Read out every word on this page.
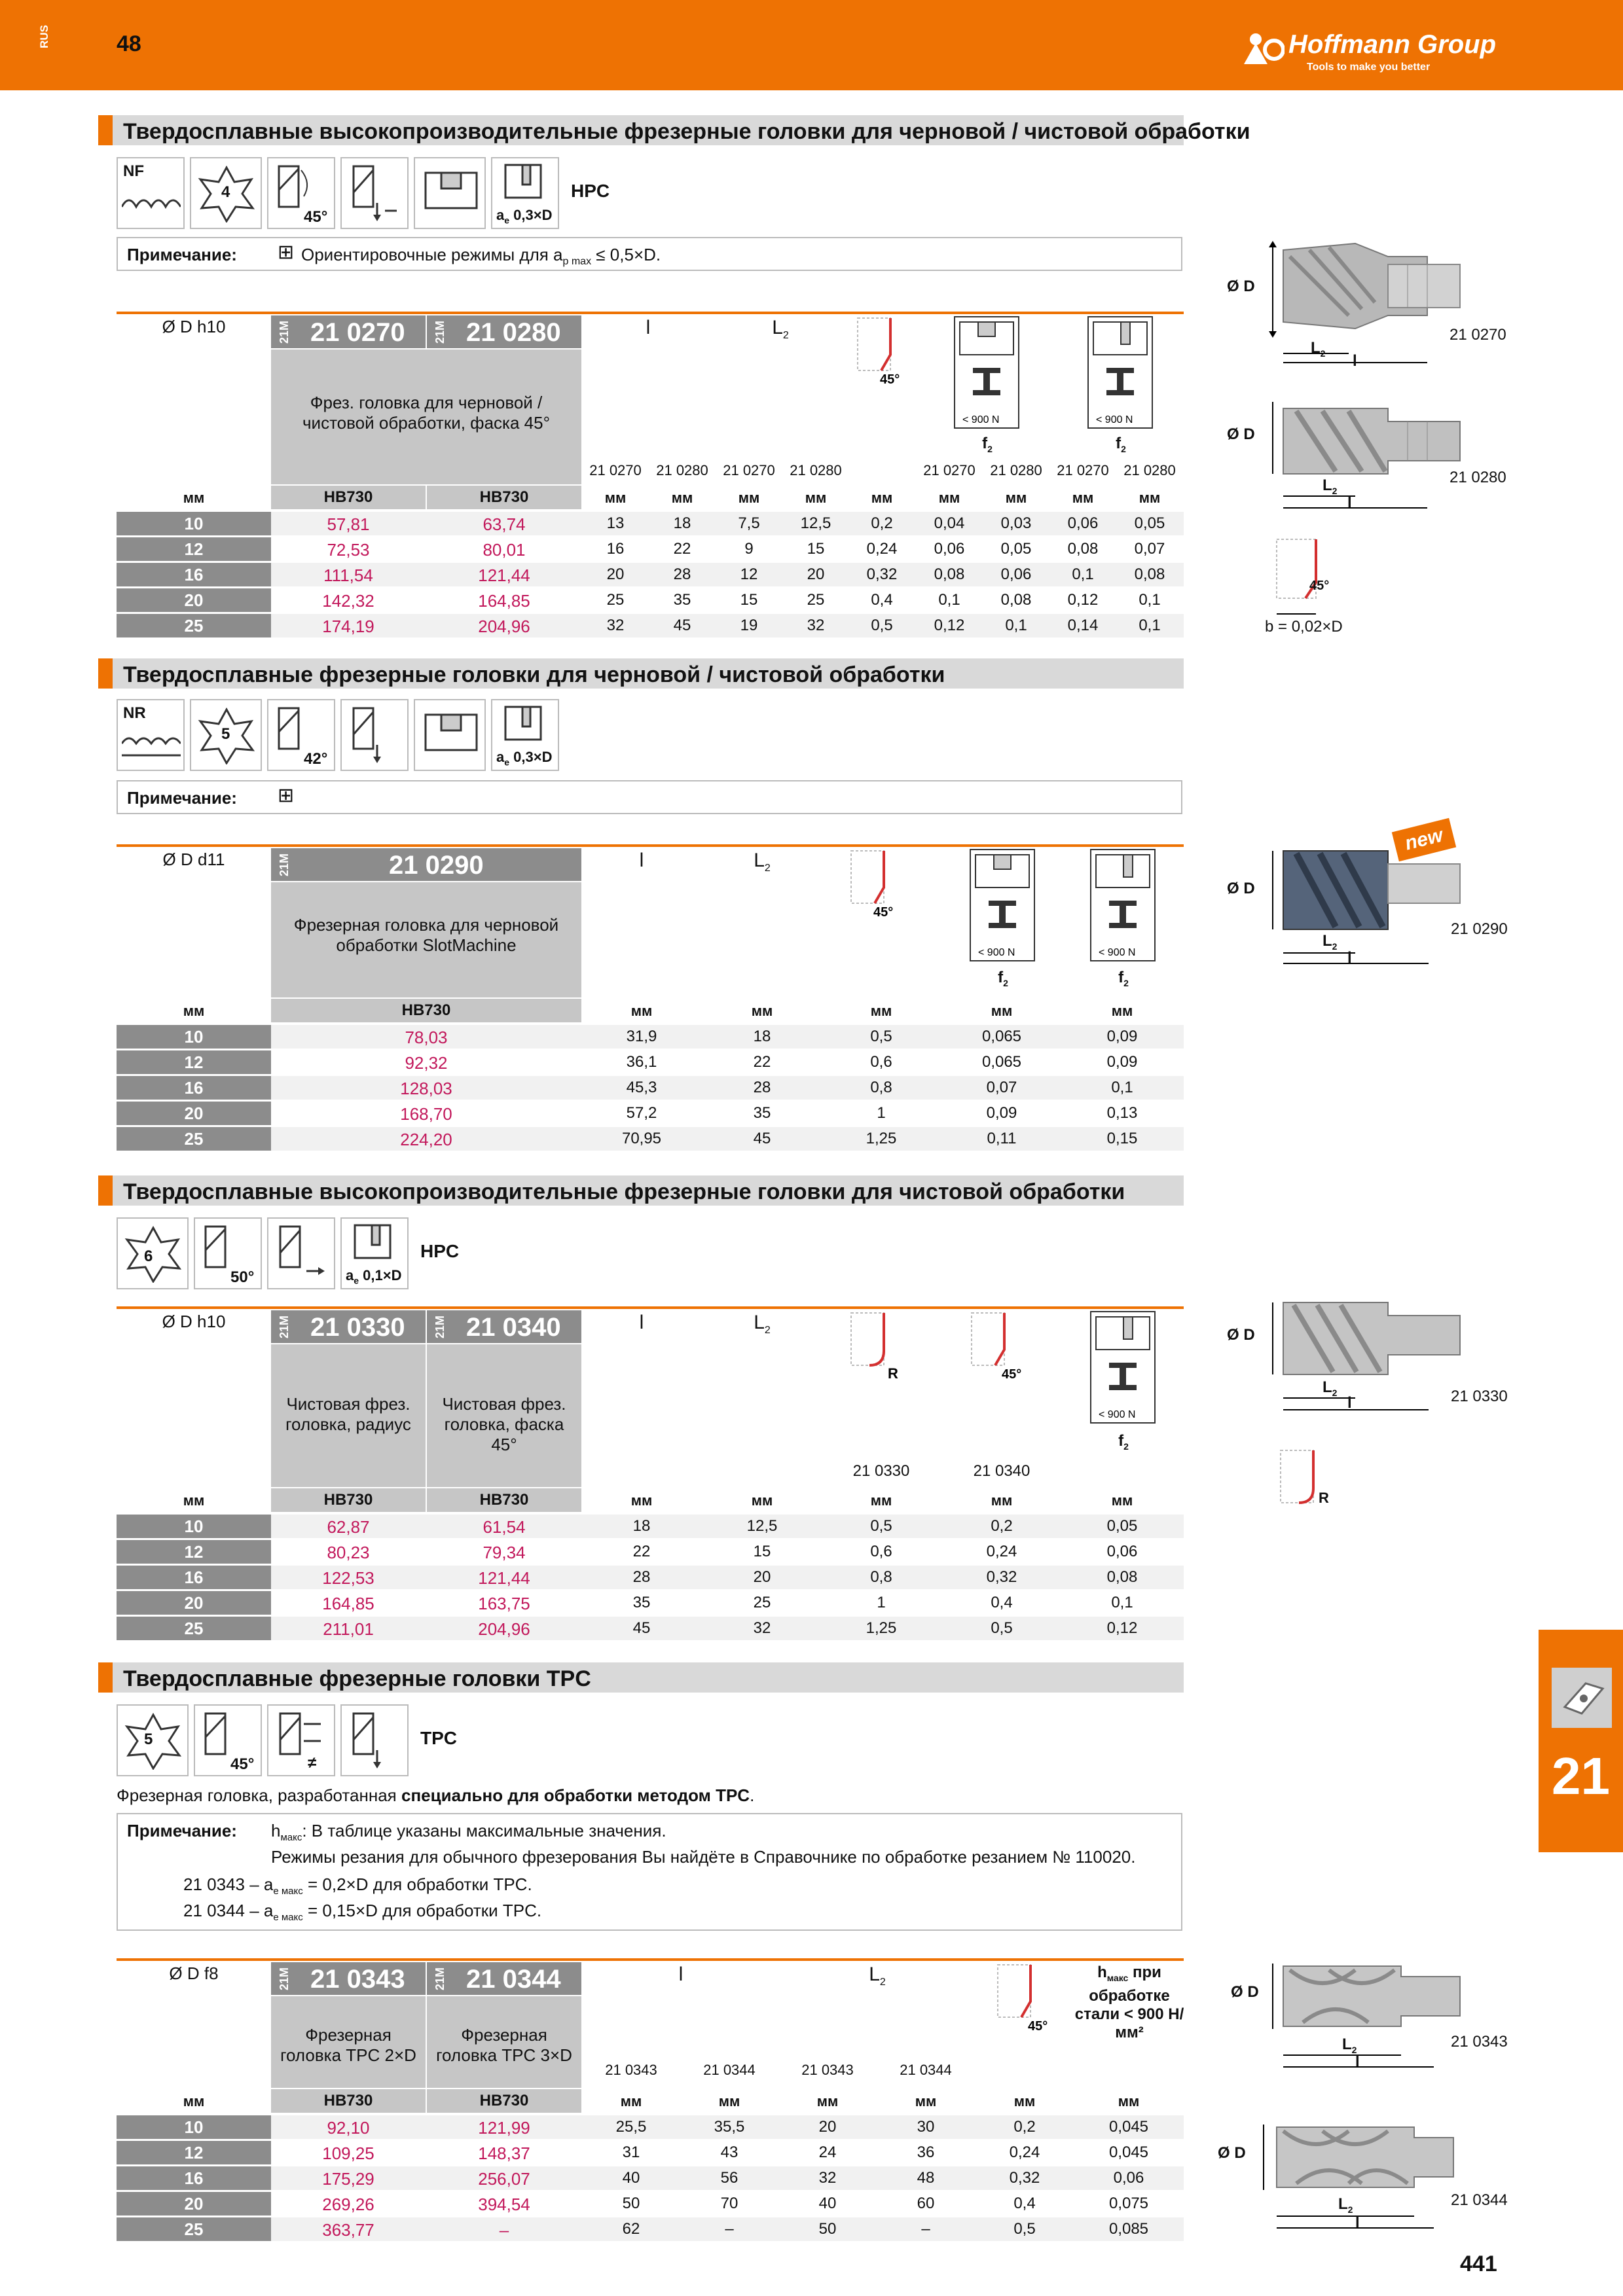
RUS	48	Hoffmann Group
Tools to make you better
Твердосплавные высокопроизводительные фрезерные головки для черновой / чистовой обработки
NF
4
45°	$a_e$ 0,3×D
HPC
Примечание: ⊞ Ориентировочные режимы для $a_{p max} \le 0,5\times D$.
Ø D h10	21M 21 0270 21M 21 0280
Фрез. головка для черновой / чистовой обработки, фаска 45°
HB730	HB730
l	$L_2$
45°
< 900 N	< 900 N
$f_2$	$f_2$
21 0270	21 0280	21 0270	21 0280	21 0270	21 0280	21 0270	21 0280
мм	мм	мм	мм	мм	мм	мм	мм	мм	мм
10	57,81	63,74	13	18	7,5	12,5	0,2	0,04	0,03	0,06	0,05
12	72,53	80,01	16	22	9	15	0,24	0,06	0,05	0,08	0,07
16	111,54	121,44	20	28	12	20	0,32	0,08	0,06	0,1	0,08
20	142,32	164,85	25	35	15	25	0,4	0,1	0,08	0,12	0,1
25	174,19	204,96	32	45	19	32	0,5	0,12	0,1	0,14	0,1
Ø D
$L_2$ l
21 0270
Ø D
$L_2$
l
21 0280
45°
b = 0,02×D
Твердосплавные фрезерные головки для черновой / чистовой обработки
NR
5
42°	$a_e$ 0,3×D
Примечание: ⊞
Ø D d11	21M	21 0290
Фрезерная головка для черновой обработки SlotMachine
HB730
l	$L_2$
45°
< 900 N	< 900 N
$f_2$	$f_2$
мм	мм	мм	мм	мм	мм
10	78,03	31,9	18	0,5	0,065	0,09
12	92,32	36,1	22	0,6	0,065	0,09
16	128,03	45,3	28	0,8	0,07	0,1
20	168,70	57,2	35	1	0,09	0,13
25	224,20	70,95	45	1,25	0,11	0,15
new
Ø D
$L_2$
l
21 0290
Твердосплавные высокопроизводительные фрезерные головки для чистовой обработки
6
50°	$a_e$ 0,1×D
HPC
Ø D h10	21M 21 0330 21M 21 0340
Чистовая фрез. головка, радиус
Чистовая фрез. головка, фаска 45°
HB730	HB730
l	$L_2$
R	45°
< 900 N
$f_2$
21 0330	21 0340
мм	мм	мм	мм	мм	мм
10	62,87	61,54	18	12,5	0,5	0,2	0,05
12	80,23	79,34	22	15	0,6	0,24	0,06
16	122,53	121,44	28	20	0,8	0,32	0,08
20	164,85	163,75	35	25	1	0,4	0,1
25	211,01	204,96	45	32	1,25	0,5	0,12
Ø D
$L_2$
l	21 0330
R
Твердосплавные фрезерные головки TPC
5
45°	≠
TPC
Фрезерная головка, разработанная специально для обработки методом TPC.
Примечание: $h_{макс}$: В таблице указаны максимальные значения.
Режимы резания для обычного фрезерования Вы найдёте в Справочнике по обработке резанием № 110020.
21 $0343 - a_{e макс} = 0,2\times D$ для обработки TPC.
21 $0344 - a_{e макс} = 0,15\times D$ для обработки TPC.
Ø D f8	21M 21 0343 21M 21 0344
Фрезерная головка TPC 2×D
Фрезерная головка TPC 3×D
HB730	HB730
l	$L_2$
45°
$h_{макс}$ при обработке стали < 900 Н/мм²
21 0343	21 0344	21 0343	21 0344
мм	мм	мм	мм	мм	мм	мм
10	92,10	121,99	25,5	35,5	20	30	0,2	0,045
12	109,25	148,37	31	43	24	36	0,24	0,045
16	175,29	256,07	40	56	32	48	0,32	0,06
20	269,26	394,54	50	70	40	60	0,4	0,075
25	363,77	–	62	–	50	–	0,5	0,085
Ø D
$L_2$
l
21 0343
Ø D
$L_2$
l
21 0344
21
441
